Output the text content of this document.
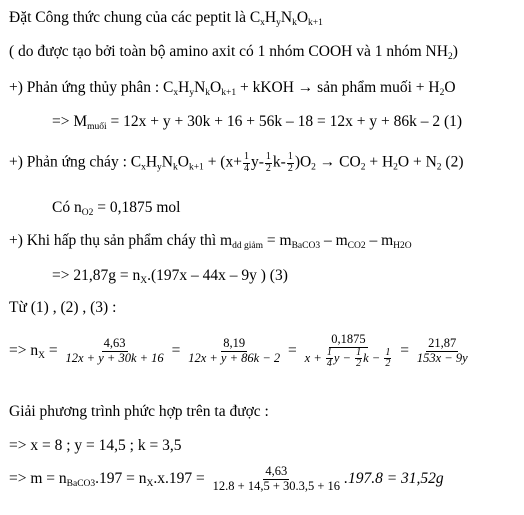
Đặt Công thức chung của các peptit là $C_xH_yN_kO_{k+1}$
( do được tạo bởi toàn bộ amino axit có 1 nhóm COOH và 1 nhóm $NH_2$)
+) Phản ứng thủy phân : $C_xH_yN_kO_{k+1}$ + kKOH → sản phẩm muối + $H_2O$
=> $M_{muối} = 12x + y + 30k + 16 + 56k - 18 = 12x + y + 86k - 2$ (1)
+) Phản ứng cháy : $C_xH_yN_kO_{k+1} + (x+ \frac{1}{4} y- \frac{1}{2} k- \frac{1}{2} )O_2 \to CO_2 + H_2O + N_2$ (2)
Có $n_{O2} = 0,1875$ mol
+) Khi hấp thụ sản phẩm cháy thì $m_{dd giảm} = m_{BaCO3} - m_{CO2} - m_{H2O}$
=> $21,87g = n_X.(197x - 44x - 9y$ ) (3)
Từ (1) , (2) , (3) :
=> $n_X = \frac{4,63}{12x + y + 30k + 16} = \frac{8,19}{12x + y + 86k - 2} = \frac{0,1875}{x + \frac{1}{4} y - \frac{1}{2} k - \frac{1}{2}} = \frac{21,87}{153x - 9y}$
Giải phương trình phức hợp trên ta được :
=> x = 8 ; y = 14,5 ; k = 3,5
=> $m = n_{BaCO3}.197 = n_X.x.197 = \frac{4,63}{12.8 + 14,5 + 30.3,5 + 16} .197.8 = 31,52g$
